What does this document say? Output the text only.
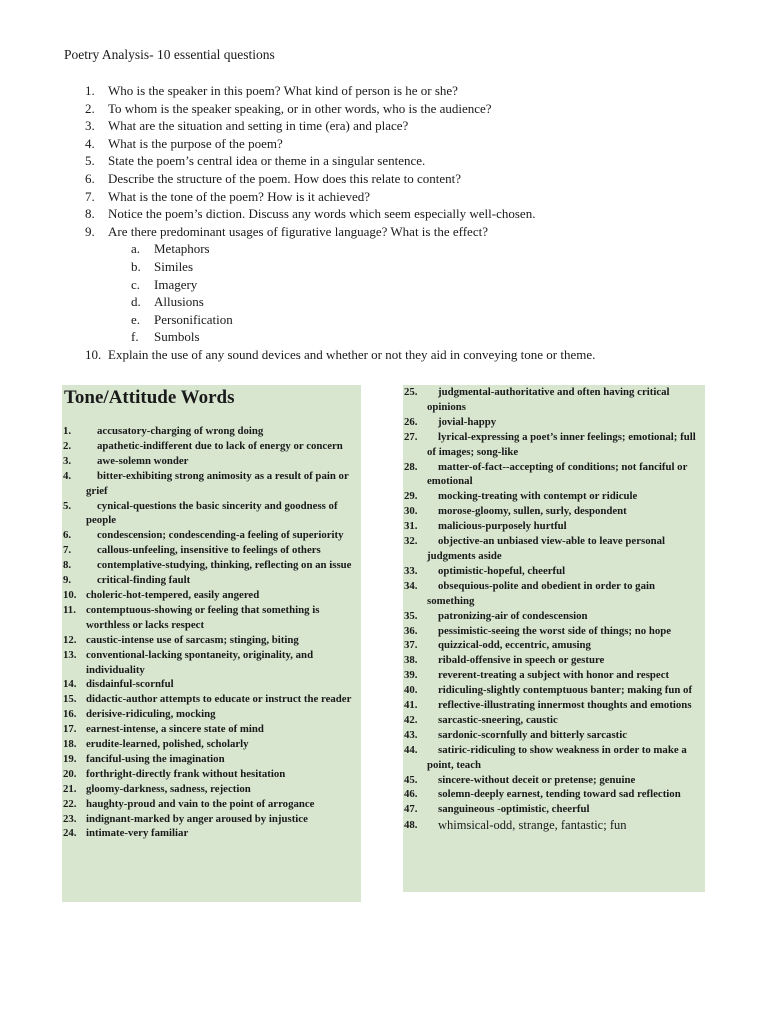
Poetry Analysis- 10 essential questions
1.	Who is the speaker in this poem? What kind of person is he or she?
2.	To whom is the speaker speaking, or in other words, who is the audience?
3.	What are the situation and setting in time (era) and place?
4.	What is the purpose of the poem?
5.	State the poem’s central idea or theme in a singular sentence.
6.	Describe the structure of the poem. How does this relate to content?
7.	What is the tone of the poem? How is it achieved?
8.	Notice the poem’s diction. Discuss any words which seem especially well-chosen.
9.	Are there predominant usages of figurative language? What is the effect?
a.	Metaphors
b.	Similes
c.	Imagery
d.	Allusions
e.	Personification
f.	Sumbols
10. Explain the use of any sound devices and whether or not they aid in conveying tone or theme.
Tone/Attitude Words
1. accusatory-charging of wrong doing
2. apathetic-indifferent due to lack of energy or concern
3. awe-solemn wonder
4. bitter-exhibiting strong animosity as a result of pain or grief
5. cynical-questions the basic sincerity and goodness of people
6. condescension; condescending-a feeling of superiority
7. callous-unfeeling, insensitive to feelings of others
8. contemplative-studying, thinking, reflecting on an issue
9. critical-finding fault
10. choleric-hot-tempered, easily angered
11. contemptuous-showing or feeling that something is worthless or lacks respect
12. caustic-intense use of sarcasm; stinging, biting
13. conventional-lacking spontaneity, originality, and individuality
14. disdainful-scornful
15. didactic-author attempts to educate or instruct the reader
16. derisive-ridiculing, mocking
17. earnest-intense, a sincere state of mind
18. erudite-learned, polished, scholarly
19. fanciful-using the imagination
20. forthright-directly frank without hesitation
21. gloomy-darkness, sadness, rejection
22. haughty-proud and vain to the point of arrogance
23. indignant-marked by anger aroused by injustice
24. intimate-very familiar
25. judgmental-authoritative and often having critical opinions
26. jovial-happy
27. lyrical-expressing a poet’s inner feelings; emotional; full of images; song-like
28. matter-of-fact--accepting of conditions; not fanciful or emotional
29. mocking-treating with contempt or ridicule
30. morose-gloomy, sullen, surly, despondent
31. malicious-purposely hurtful
32. objective-an unbiased view-able to leave personal judgments aside
33. optimistic-hopeful, cheerful
34. obsequious-polite and obedient in order to gain something
35. patronizing-air of condescension
36. pessimistic-seeing the worst side of things; no hope
37. quizzical-odd, eccentric, amusing
38. ribald-offensive in speech or gesture
39. reverent-treating a subject with honor and respect
40. ridiculing-slightly contemptuous banter; making fun of
41. reflective-illustrating innermost thoughts and emotions
42. sarcastic-sneering, caustic
43. sardonic-scornfully and bitterly sarcastic
44. satiric-ridiculing to show weakness in order to make a point, teach
45. sincere-without deceit or pretense; genuine
46. solemn-deeply earnest, tending toward sad reflection
47. sanguineous -optimistic, cheerful
48. whimsical-odd, strange, fantastic; fun
